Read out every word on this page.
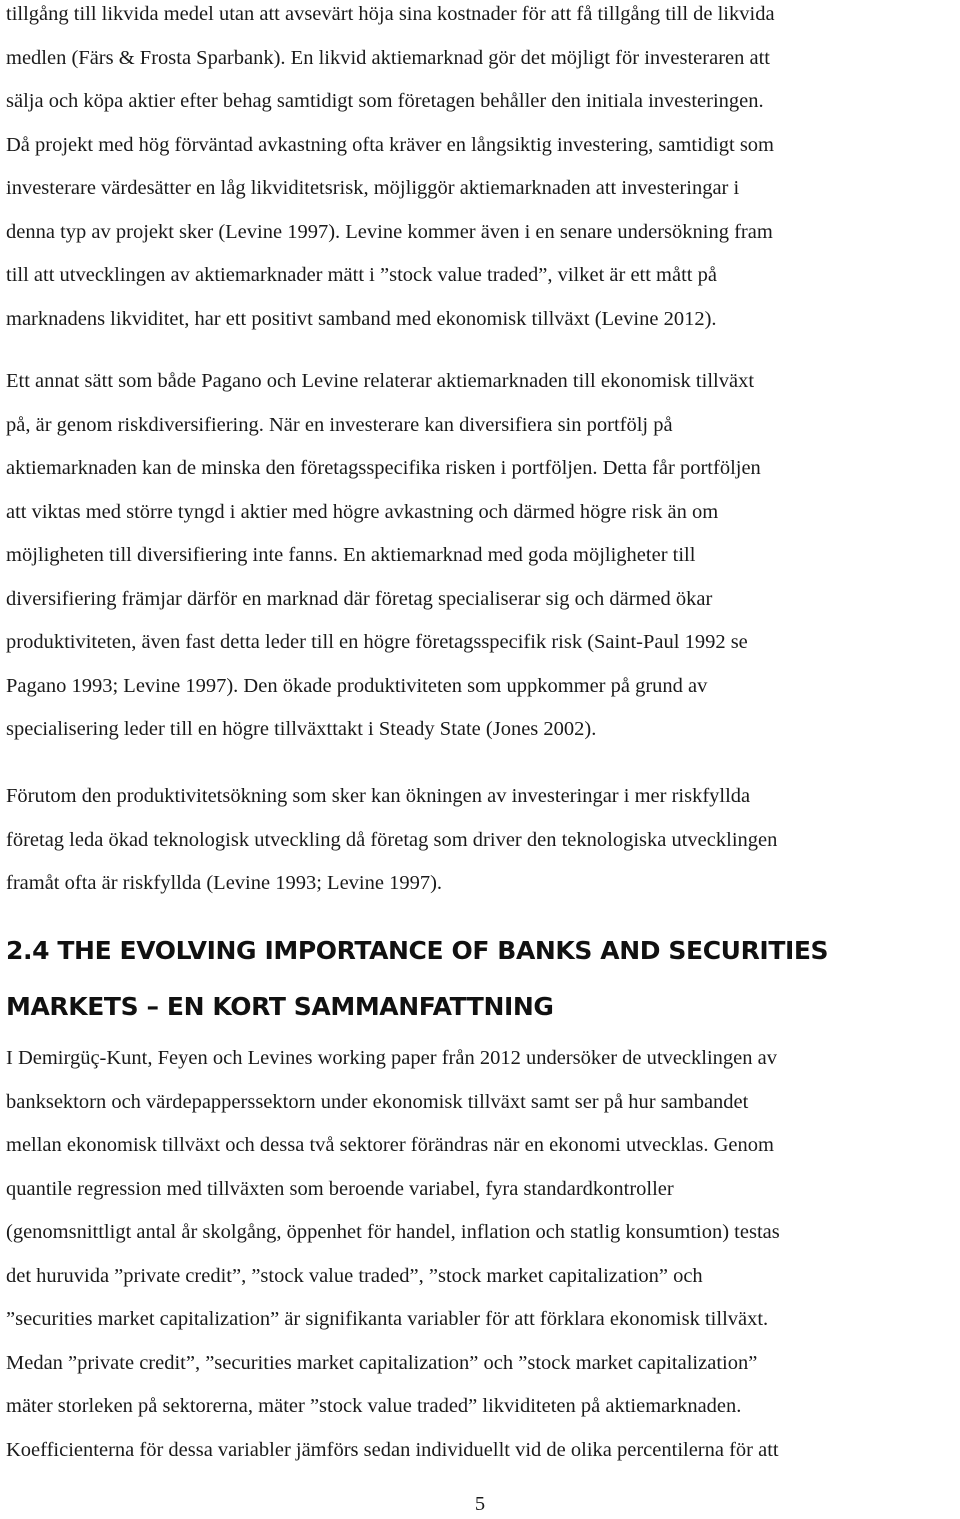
tillgång till likvida medel utan att avsevärt höja sina kostnader för att få tillgång till de likvida
medlen (Färs & Frosta Sparbank). En likvid aktiemarknad gör det möjligt för investeraren att
sälja och köpa aktier efter behag samtidigt som företagen behåller den initiala investeringen.
Då projekt med hög förväntad avkastning ofta kräver en långsiktig investering, samtidigt som
investerare värdesätter en låg likviditetsrisk, möjliggör aktiemarknaden att investeringar i
denna typ av projekt sker (Levine 1997). Levine kommer även i en senare undersökning fram
till att utvecklingen av aktiemarknader mätt i ”stock value traded”, vilket är ett mått på
marknadens likviditet, har ett positivt samband med ekonomisk tillväxt (Levine 2012).
Ett annat sätt som både Pagano och Levine relaterar aktiemarknaden till ekonomisk tillväxt
på, är genom riskdiversifiering. När en investerare kan diversifiera sin portfölj på
aktiemarknaden kan de minska den företagsspecifika risken i portföljen. Detta får portföljen
att viktas med större tyngd i aktier med högre avkastning och därmed högre risk än om
möjligheten till diversifiering inte fanns. En aktiemarknad med goda möjligheter till
diversifiering främjar därför en marknad där företag specialiserar sig och därmed ökar
produktiviteten, även fast detta leder till en högre företagsspecifik risk (Saint-Paul 1992 se
Pagano 1993; Levine 1997). Den ökade produktiviteten som uppkommer på grund av
specialisering leder till en högre tillväxttakt i Steady State (Jones 2002).
Förutom den produktivitetsökning som sker kan ökningen av investeringar i mer riskfyllda
företag leda ökad teknologisk utveckling då företag som driver den teknologiska utvecklingen
framåt ofta är riskfyllda (Levine 1993; Levine 1997).
2.4 THE EVOLVING IMPORTANCE OF BANKS AND SECURITIES
MARKETS – EN KORT SAMMANFATTNING
I Demirgüç-Kunt, Feyen och Levines working paper från 2012 undersöker de utvecklingen av
banksektorn och värdepapperssektorn under ekonomisk tillväxt samt ser på hur sambandet
mellan ekonomisk tillväxt och dessa två sektorer förändras när en ekonomi utvecklas. Genom
quantile regression med tillväxten som beroende variabel, fyra standardkontroller
(genomsnittligt antal år skolgång, öppenhet för handel, inflation och statlig konsumtion) testas
det huruvida ”private credit”, ”stock value traded”, ”stock market capitalization” och
”securities market capitalization” är signifikanta variabler för att förklara ekonomisk tillväxt.
Medan ”private credit”, ”securities market capitalization” och ”stock market capitalization”
mäter storleken på sektorerna, mäter ”stock value traded” likviditeten på aktiemarknaden.
Koefficienterna för dessa variabler jämförs sedan individuellt vid de olika percentilerna för att
5
